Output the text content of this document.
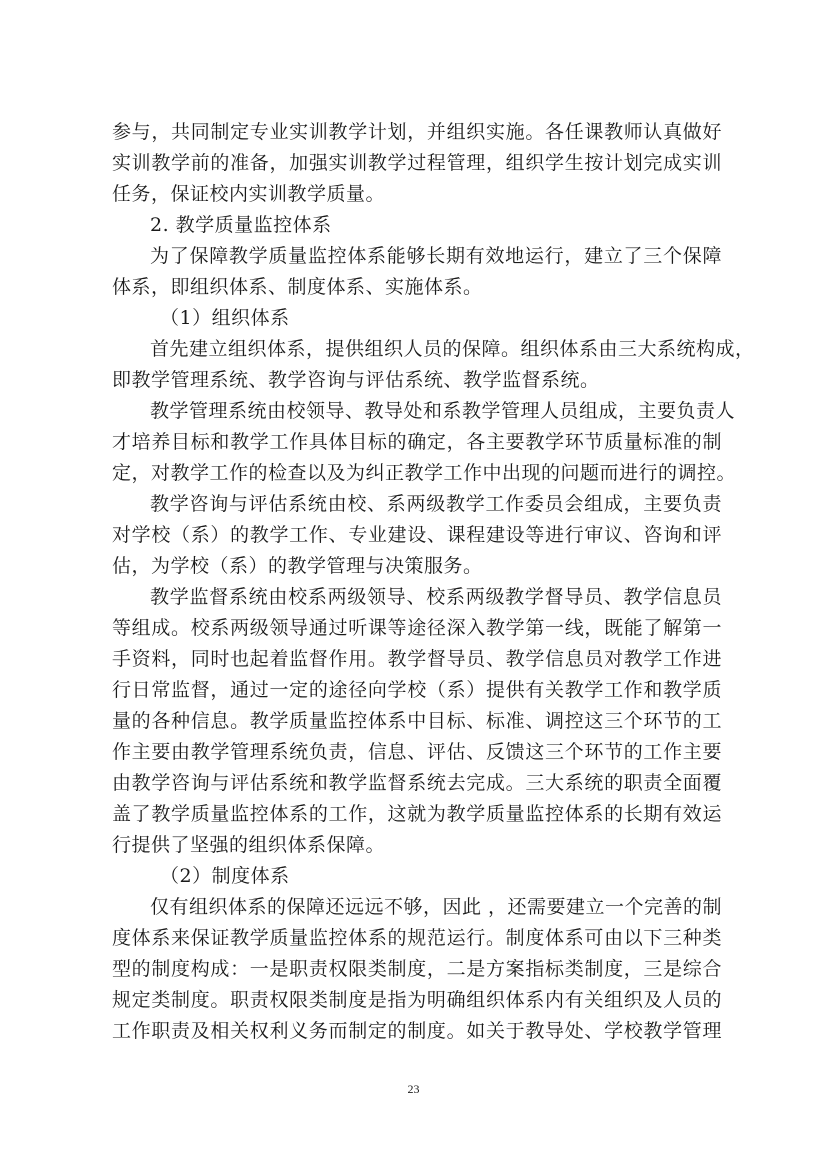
参与，共同制定专业实训教学计划，并组织实施。各任课教师认真做好
实训教学前的准备，加强实训教学过程管理，组织学生按计划完成实训
任务，保证校内实训教学质量。
2. 教学质量监控体系
为了保障教学质量监控体系能够长期有效地运行，建立了三个保障
体系，即组织体系、制度体系、实施体系。
（1）组织体系
首先建立组织体系，提供组织人员的保障。组织体系由三大系统构成，
即教学管理系统、教学咨询与评估系统、教学监督系统。
教学管理系统由校领导、教导处和系教学管理人员组成，主要负责人
才培养目标和教学工作具体目标的确定，各主要教学环节质量标准的制
定，对教学工作的检查以及为纠正教学工作中出现的问题而进行的调控。
教学咨询与评估系统由校、系两级教学工作委员会组成，主要负责
对学校（系）的教学工作、专业建设、课程建设等进行审议、咨询和评
估，为学校（系）的教学管理与决策服务。
教学监督系统由校系两级领导、校系两级教学督导员、教学信息员
等组成。校系两级领导通过听课等途径深入教学第一线，既能了解第一
手资料，同时也起着监督作用。教学督导员、教学信息员对教学工作进
行日常监督，通过一定的途径向学校（系）提供有关教学工作和教学质
量的各种信息。教学质量监控体系中目标、标准、调控这三个环节的工
作主要由教学管理系统负责，信息、评估、反馈这三个环节的工作主要
由教学咨询与评估系统和教学监督系统去完成。三大系统的职责全面覆
盖了教学质量监控体系的工作，这就为教学质量监控体系的长期有效运
行提供了坚强的组织体系保障。
（2）制度体系
仅有组织体系的保障还远远不够，因此 ，还需要建立一个完善的制
度体系来保证教学质量监控体系的规范运行。制度体系可由以下三种类
型的制度构成：一是职责权限类制度，二是方案指标类制度，三是综合
规定类制度。职责权限类制度是指为明确组织体系内有关组织及人员的
工作职责及相关权利义务而制定的制度。如关于教导处、学校教学管理
23
